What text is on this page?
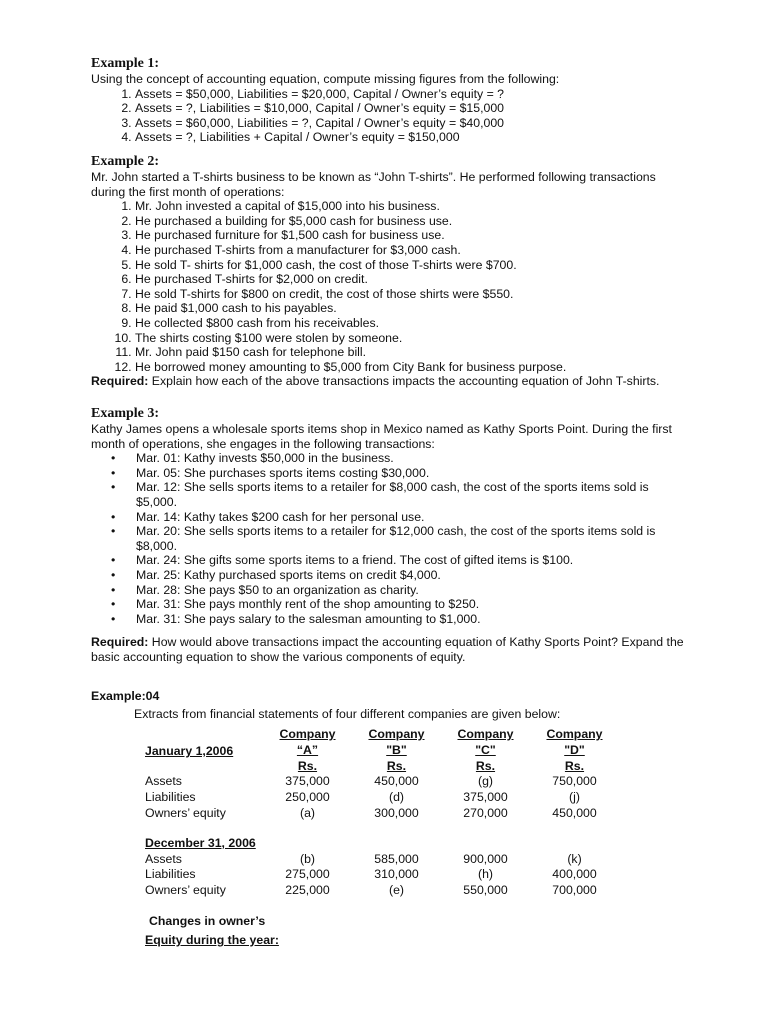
Example 1:

Using the concept of accounting equation, compute missing figures from the following:

1. Assets = $50,000, Liabilities = $20,000, Capital / Owner’s equity = ?
2. Assets = ?, Liabilities = $10,000, Capital / Owner’s equity = $15,000
3. Assets = $60,000, Liabilities = ?, Capital / Owner’s equity = $40,000
4. Assets = ?, Liabilities + Capital / Owner’s equity = $150,000
Example 2:

Mr. John started a T-shirts business to be known as “John T-shirts”. He performed following transactions during the first month of operations:

1. Mr. John invested a capital of $15,000 into his business.
2. He purchased a building for $5,000 cash for business use.
3. He purchased furniture for $1,500 cash for business use.
4. He purchased T-shirts from a manufacturer for $3,000 cash.
5. He sold T- shirts for $1,000 cash, the cost of those T-shirts were $700.
6. He purchased T-shirts for $2,000 on credit.
7. He sold T-shirts for $800 on credit, the cost of those shirts were $550.
8. He paid $1,000 cash to his payables.
9. He collected $800 cash from his receivables.
10. The shirts costing $100 were stolen by someone.
11. Mr. John paid $150 cash for telephone bill.
12. He borrowed money amounting to $5,000 from City Bank for business purpose.

Required: Explain how each of the above transactions impacts the accounting equation of John T-shirts.

Example 3:

Kathy James opens a wholesale sports items shop in Mexico named as Kathy Sports Point. During the first month of operations, she engages in the following transactions:

• Mar. 01: Kathy invests $50,000 in the business.
• Mar. 05: She purchases sports items costing $30,000.
• Mar. 12: She sells sports items to a retailer for $8,000 cash, the cost of the sports items sold is $5,000.
• Mar. 14: Kathy takes $200 cash for her personal use.
• Mar. 20: She sells sports items to a retailer for $12,000 cash, the cost of the sports items sold is $8,000.
• Mar. 24: She gifts some sports items to a friend. The cost of gifted items is $100.
• Mar. 25: Kathy purchased sports items on credit $4,000.
• Mar. 28: She pays $50 to an organization as charity.
• Mar. 31: She pays monthly rent of the shop amounting to $250.
• Mar. 31: She pays salary to the salesman amounting to $1,000.

Required: How would above transactions impact the accounting equation of Kathy Sports Point? Expand the basic accounting equation to show the various components of equity.

Example:04

Extracts from financial statements of four different companies are given below:

	Company	Company	Company	Company
January 1,2006	“A”	"B"	"C"	"D"
	Rs.	Rs.	Rs.	Rs.
Assets	375,000	450,000	(g)	750,000
Liabilities	250,000	(d)	375,000	(j)
Owners’ equity	(a)	300,000	270,000	450,000

December 31, 2006				
Assets	(b)	585,000	900,000	(k)
Liabilities	275,000	310,000	(h)	400,000
Owners’ equity	225,000	(e)	550,000	700,000
Changes in owner’s
Equity during the year:
